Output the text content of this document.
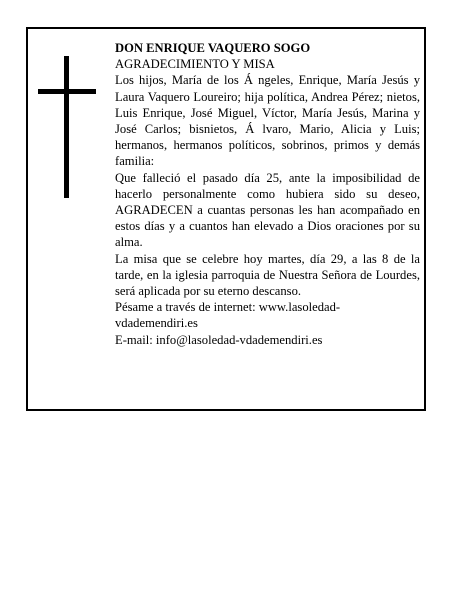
DON ENRIQUE VAQUERO SOGO

AGRADECIMIENTO Y MISA

Los hijos, María de los Á ngeles, Enrique, María Jesús y Laura Vaquero Loureiro; hija política, Andrea Pérez; nietos, Luis Enrique, José Miguel, Víctor, María Jesús, Marina y José Carlos; bisnietos, Á lvaro, Mario, Alicia y Luis; hermanos, hermanos políticos, sobrinos, primos y demás familia:

Que falleció el pasado día 25, ante la imposibilidad de hacerlo personalmente como hubiera sido su deseo, AGRADECEN a cuantas personas les han acompañado en estos días y a cuantos han elevado a Dios oraciones por su alma.

La misa que se celebre hoy martes, día 29, a las 8 de la tarde, en la iglesia parroquia de Nuestra Señora de Lourdes, será aplicada por su eterno descanso.

Pésame a través de internet: www.lasoledad-

vdademendiri.es

E-mail: info@lasoledad-vdademendiri.es
